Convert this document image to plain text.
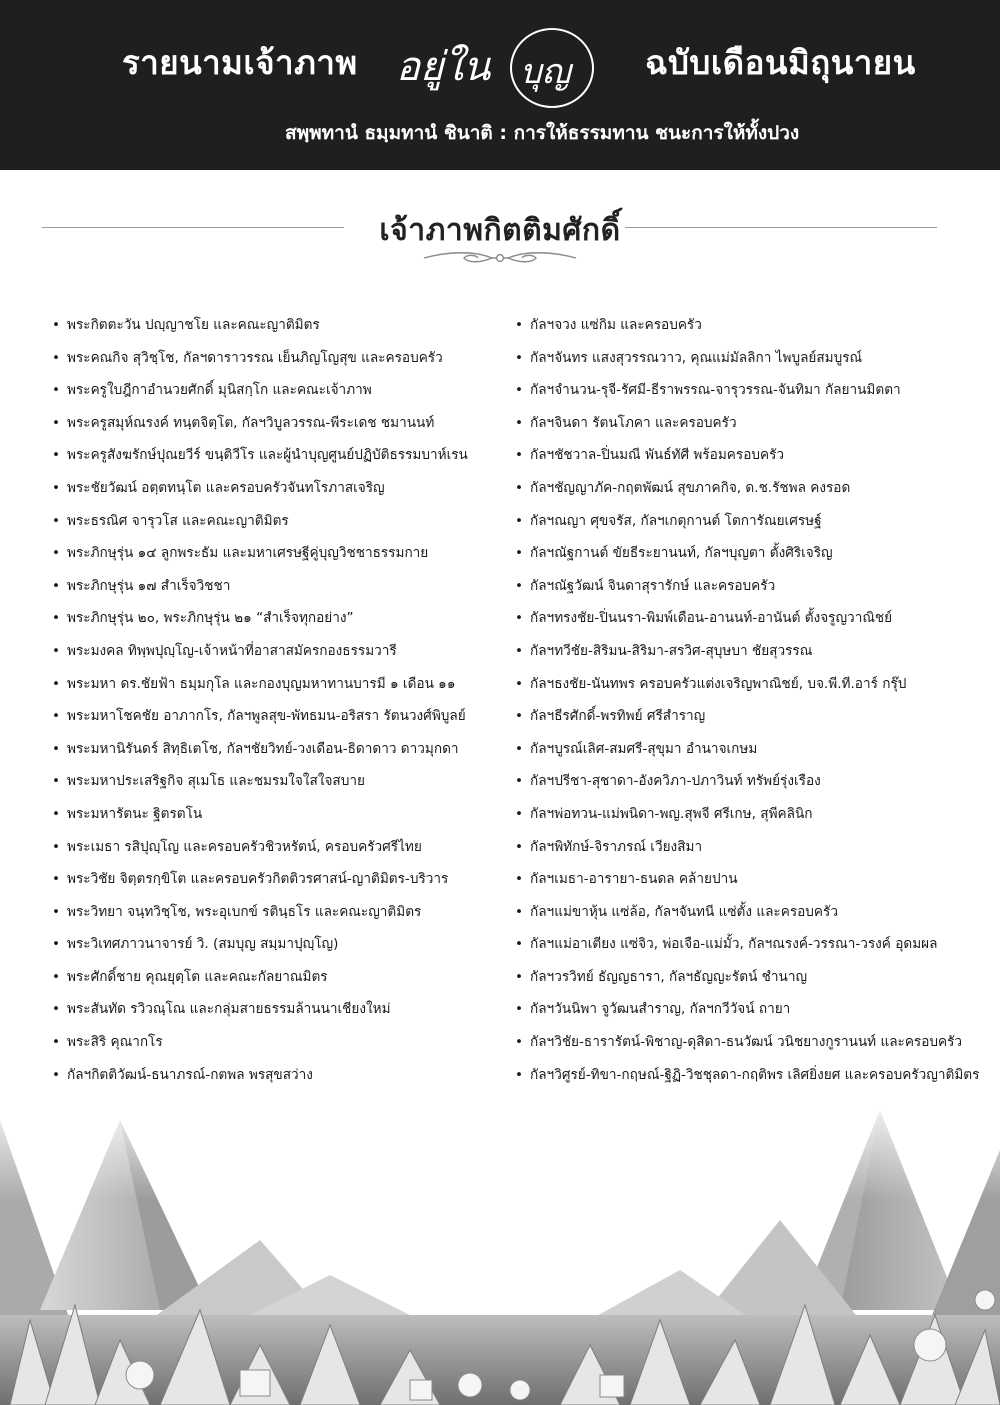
รายนามเจ้าภาพ อยู่ใน บุญ ฉบับเดือนมิถุนายน
สพฺพทานํ ธมฺมทานํ ชินาติ : การให้ธรรมทาน ชนะการให้ทั้งปวง
เจ้าภาพกิตติมศักดิ์
• พระกิตตะวัน ปญฺญาชโย และคณะญาติมิตร
• พระคณกิจ สุวิชฺโช, กัลฯดาราวรรณ เย็นภิญโญสุข และครอบครัว
• พระครูใบฎีกาอำนวยศักดิ์ มุนิสกฺโก และคณะเจ้าภาพ
• พระครูสมุห์ณรงค์ ทนฺตจิตฺโต, กัลฯวิบูลวรรณ-พีระเดช ชมานนท์
• พระครูสังฆรักษ์ปุณยวีร์ ขนฺติวีโร และผู้นำบุญศูนย์ปฏิบัติธรรมบาห์เรน
• พระชัยวัฒน์ อตฺตทนฺโต และครอบครัวจันทโรภาสเจริญ
• พระธรณิศ จารุวโส และคณะญาติมิตร
• พระภิกษุรุ่น ๑๔ ลูกพระธัม และมหาเศรษฐีคู่บุญวิชชาธรรมกาย
• พระภิกษุรุ่น ๑๗ สำเร็จวิชชา
• พระภิกษุรุ่น ๒๐, พระภิกษุรุ่น ๒๑ “สำเร็จทุกอย่าง”
• พระมงคล ทิพฺพปุญฺโญ-เจ้าหน้าที่อาสาสมัครกองธรรมวารี
• พระมหา ดร.ชัยฟ้า ธมฺมกุโล และกองบุญมหาทานบารมี ๑ เดือน ๑๑
• พระมหาโชคชัย อาภากโร, กัลฯพูลสุข-พัทธมน-อริสรา รัตนวงศ์พิบูลย์
• พระมหานิรันดร์ สิทฺธิเตโช, กัลฯชัยวิทย์-วงเดือน-ธิดาดาว ดาวมุกดา
• พระมหาประเสริฐกิจ สุเมโธ และชมรมใจใสใจสบาย
• พระมหารัตนะ ฐิตรตโน
• พระเมธา รสิปุญฺโญ และครอบครัวชิวหรัตน์, ครอบครัวศรีไทย
• พระวิชัย จิตฺตรกฺขิโต และครอบครัวกิตติวรศาสน์-ญาติมิตร-บริวาร
• พระวิทยา จนฺทวิชฺโช, พระอุเบกข์ รตินฺธโร และคณะญาติมิตร
• พระวิเทศภาวนาจารย์ วิ. (สมบุญ สมฺมาปุญฺโญ)
• พระศักดิ์ชาย คุณยุตฺโต และคณะกัลยาณมิตร
• พระสันทัด รวิวณฺโณ และกลุ่มสายธรรมล้านนาเชียงใหม่
• พระสิริ คุณากโร
• กัลฯกิตติวัฒน์-ธนาภรณ์-กตพล พรสุขสว่าง
• กัลฯจวง แซ่กิม และครอบครัว
• กัลฯจันทร แสงสุวรรณวาว, คุณแม่มัลลิกา ไพบูลย์สมบูรณ์
• กัลฯจำนวน-รุจี-รัศมี-ธีราพรรณ-จารุวรรณ-จันทิมา กัลยานมิตตา
• กัลฯจินดา รัตนโภคา และครอบครัว
• กัลฯชัชวาล-ปิ่นมณี พันธ์ทัศี พร้อมครอบครัว
• กัลฯชัญญาภัค-กฤตพัฒน์ สุขภาคกิจ, ด.ช.รัชพล คงรอด
• กัลฯณญา ศุขจรัส, กัลฯเกตุกานต์ โตการัณยเศรษฐ์
• กัลฯณัฐกานต์ ขัยธีระยานนท์, กัลฯบุญตา ตั้งศิริเจริญ
• กัลฯณัฐวัฒน์ จินดาสุรารักษ์ และครอบครัว
• กัลฯทรงชัย-ปิ่นนรา-พิมพ์เดือน-อานนท์-อานันต์ ตั้งจรูญวาณิชย์
• กัลฯทวีชัย-สิริมน-สิริมา-สรวิศ-สุบุษบา ชัยสุวรรณ
• กัลฯธงชัย-นันทพร ครอบครัวแต่งเจริญพาณิชย์, บจ.พี.ที.อาร์ กรุ๊ป
• กัลฯธีรศักดิ์-พรทิพย์ ศรีสำราญ
• กัลฯบูรณ์เลิศ-สมศรี-สุขุมา อำนาจเกษม
• กัลฯปรีชา-สุชาดา-อังควิภา-ปภาวินท์ ทรัพย์รุ่งเรือง
• กัลฯพ่อทวน-แม่พนิดา-พญ.สุพจี ศรีเกษ, สุพีคลินิก
• กัลฯพิทักษ์-จิราภรณ์ เวียงสิมา
• กัลฯเมธา-อารายา-ธนดล คล้ายปาน
• กัลฯแม่ขาหุ้น แซ่ล้อ, กัลฯจันทนี แซ่ตั้ง และครอบครัว
• กัลฯแม่อาเตียง แซ่จิว, พ่อเจือ-แม่มั้ว, กัลฯณรงค์-วรรณา-วรงค์ อุดมผล
• กัลฯวรวิทย์ ธัญญธารา, กัลฯธัญญะรัตน์ ชำนาญ
• กัลฯวันนิพา จูวัฒนสำราญ, กัลฯกวีวัจน์ ถายา
• กัลฯวิชัย-ธารารัตน์-พิชาญ-ดุสิดา-ธนวัฒน์ วนิชยางกูรานนท์ และครอบครัว
• กัลฯวิศูรย์-ทิขา-กฤษณ์-ฐิฏิ-วิชชุลดา-กฤติพร เลิศยิ่งยศ และครอบครัวญาติมิตร
